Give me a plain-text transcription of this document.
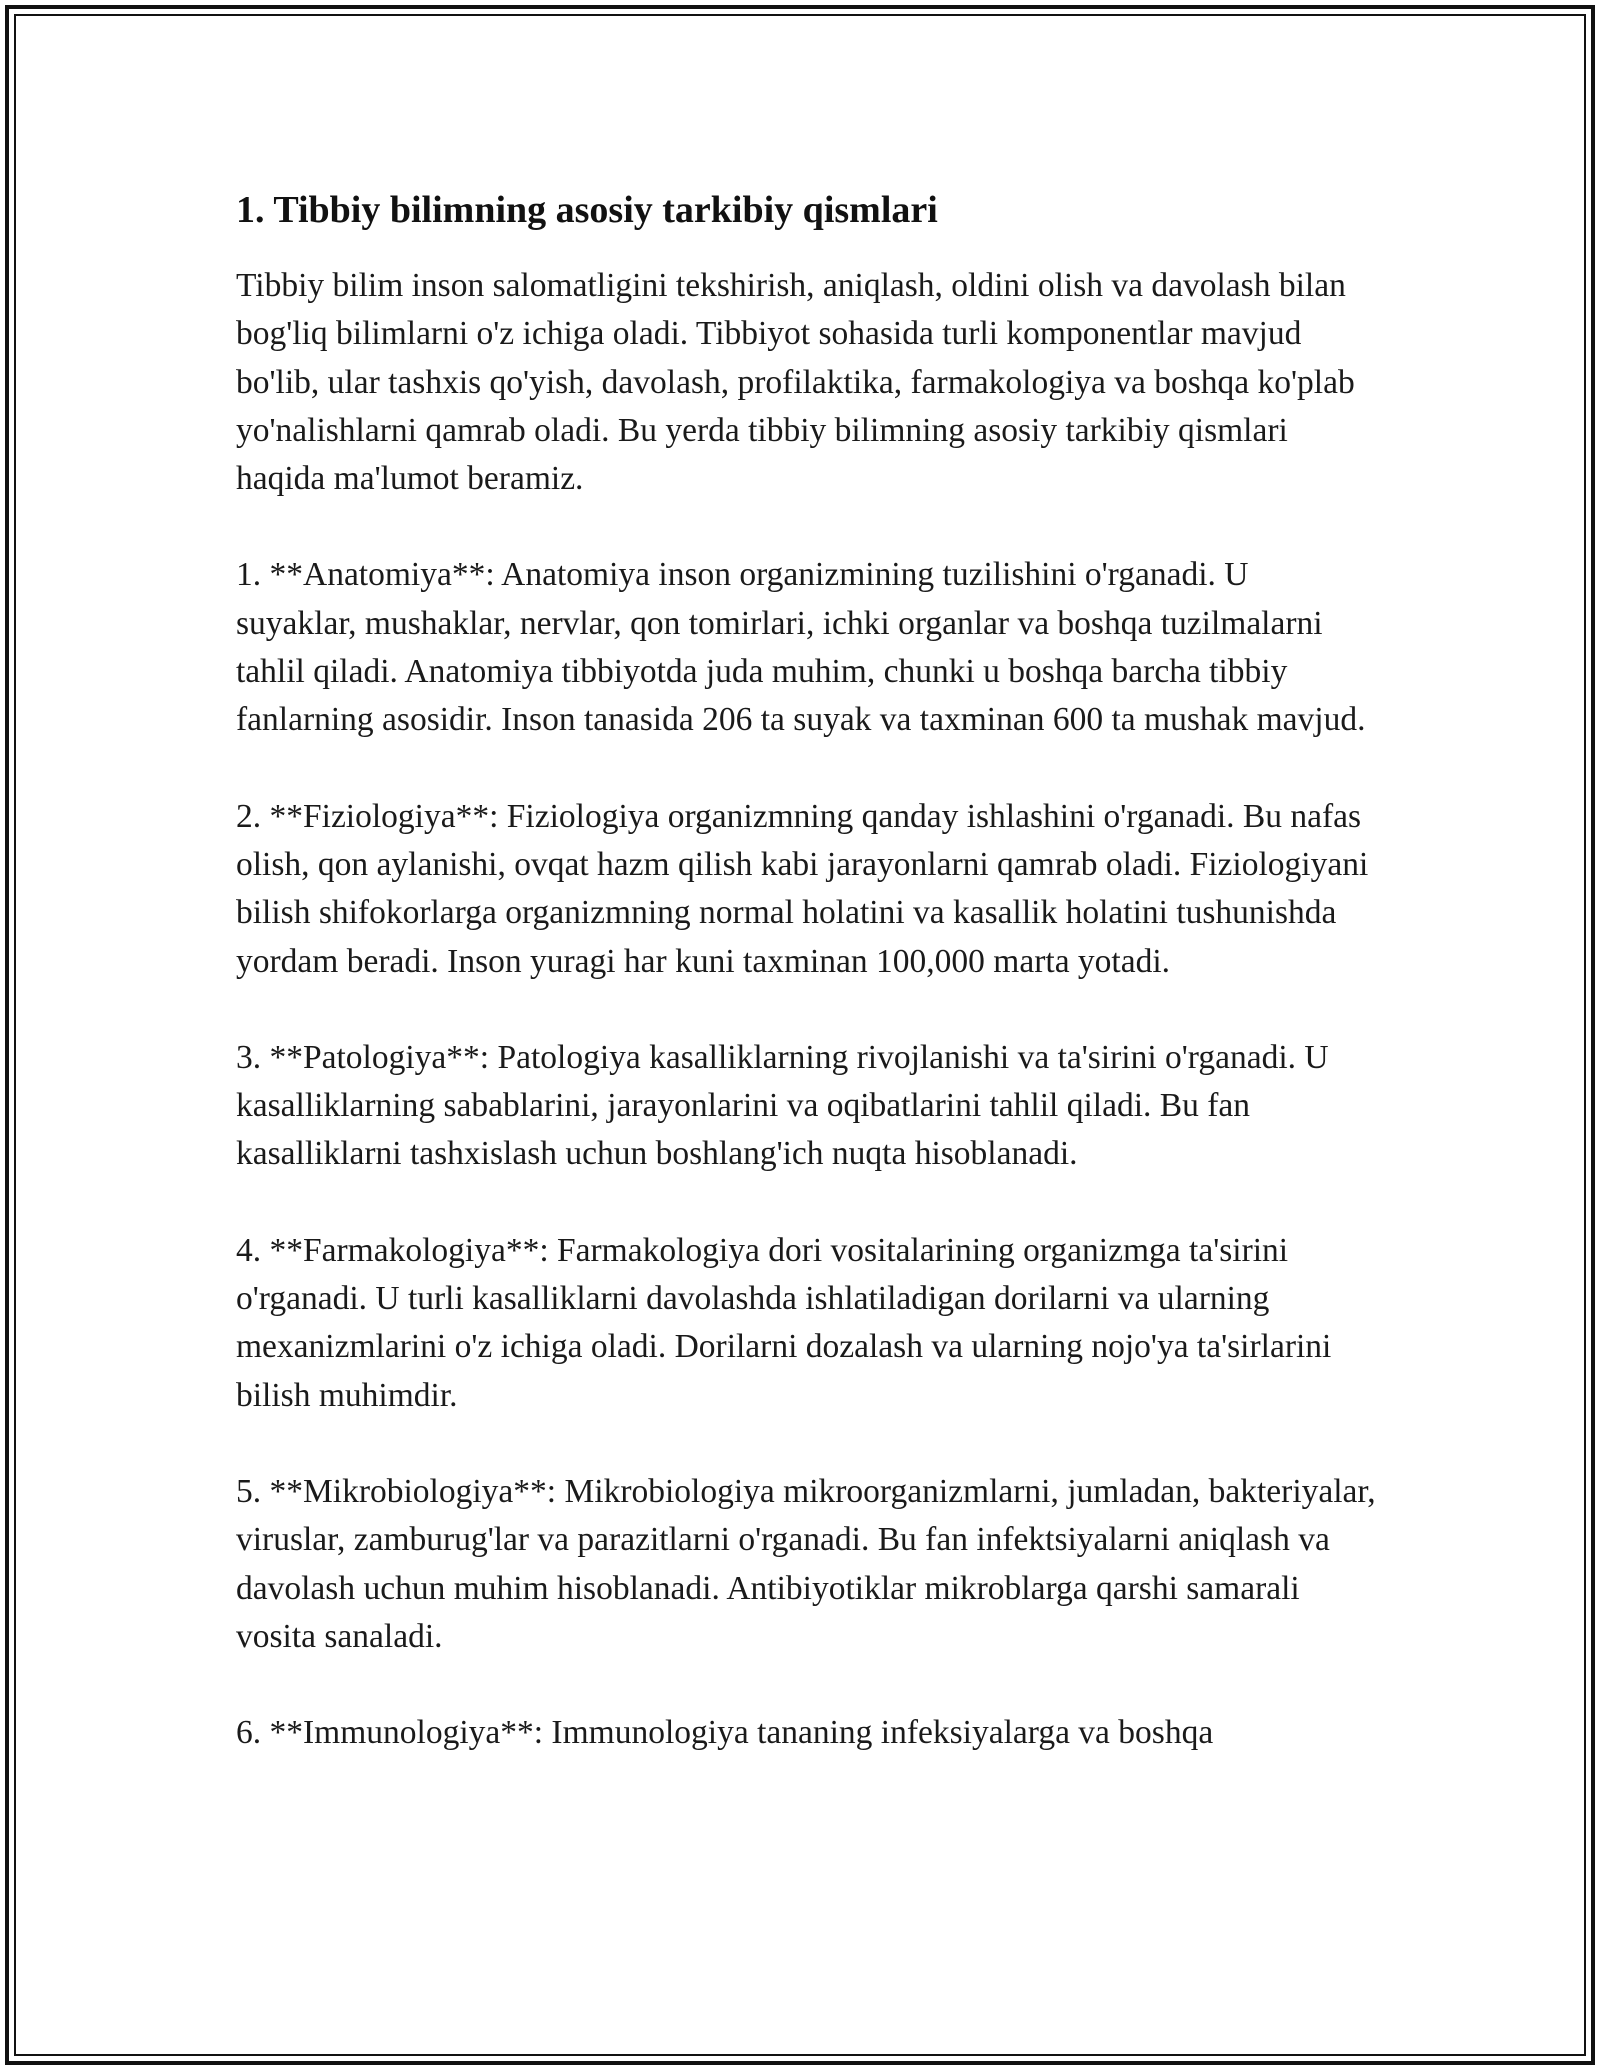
1. Tibbiy bilimning asosiy tarkibiy qismlari

Tibbiy bilim inson salomatligini tekshirish, aniqlash, oldini olish va davolash bilan bog'liq bilimlarni o'z ichiga oladi. Tibbiyot sohasida turli komponentlar mavjud bo'lib, ular tashxis qo'yish, davolash, profilaktika, farmakologiya va boshqa ko'plab yo'nalishlarni qamrab oladi. Bu yerda tibbiy bilimning asosiy tarkibiy qismlari haqida ma'lumot beramiz.

1. **Anatomiya**: Anatomiya inson organizmining tuzilishini o'rganadi. U suyaklar, mushaklar, nervlar, qon tomirlari, ichki organlar va boshqa tuzilmalarni tahlil qiladi. Anatomiya tibbiyotda juda muhim, chunki u boshqa barcha tibbiy fanlarning asosidir. Inson tanasida 206 ta suyak va taxminan 600 ta mushak mavjud.

2. **Fiziologiya**: Fiziologiya organizmning qanday ishlashini o'rganadi. Bu nafas olish, qon aylanishi, ovqat hazm qilish kabi jarayonlarni qamrab oladi. Fiziologiyani bilish shifokorlarga organizmning normal holatini va kasallik holatini tushunishda yordam beradi. Inson yuragi har kuni taxminan 100,000 marta yotadi.

3. **Patologiya**: Patologiya kasalliklarning rivojlanishi va ta'sirini o'rganadi. U kasalliklarning sabablarini, jarayonlarini va oqibatlarini tahlil qiladi. Bu fan kasalliklarni tashxislash uchun boshlang'ich nuqta hisoblanadi.

4. **Farmakologiya**: Farmakologiya dori vositalarining organizmga ta'sirini o'rganadi. U turli kasalliklarni davolashda ishlatiladigan dorilarni va ularning mexanizmlarini o'z ichiga oladi. Dorilarni dozalash va ularning nojo'ya ta'sirlarini bilish muhimdir.

5. **Mikrobiologiya**: Mikrobiologiya mikroorganizmlarni, jumladan, bakteriyalar, viruslar, zamburug'lar va parazitlarni o'rganadi. Bu fan infektsiyalarni aniqlash va davolash uchun muhim hisoblanadi. Antibiyotiklar mikroblarga qarshi samarali vosita sanaladi.

6. **Immunologiya**: Immunologiya tananing infeksiyalarga va boshqa
